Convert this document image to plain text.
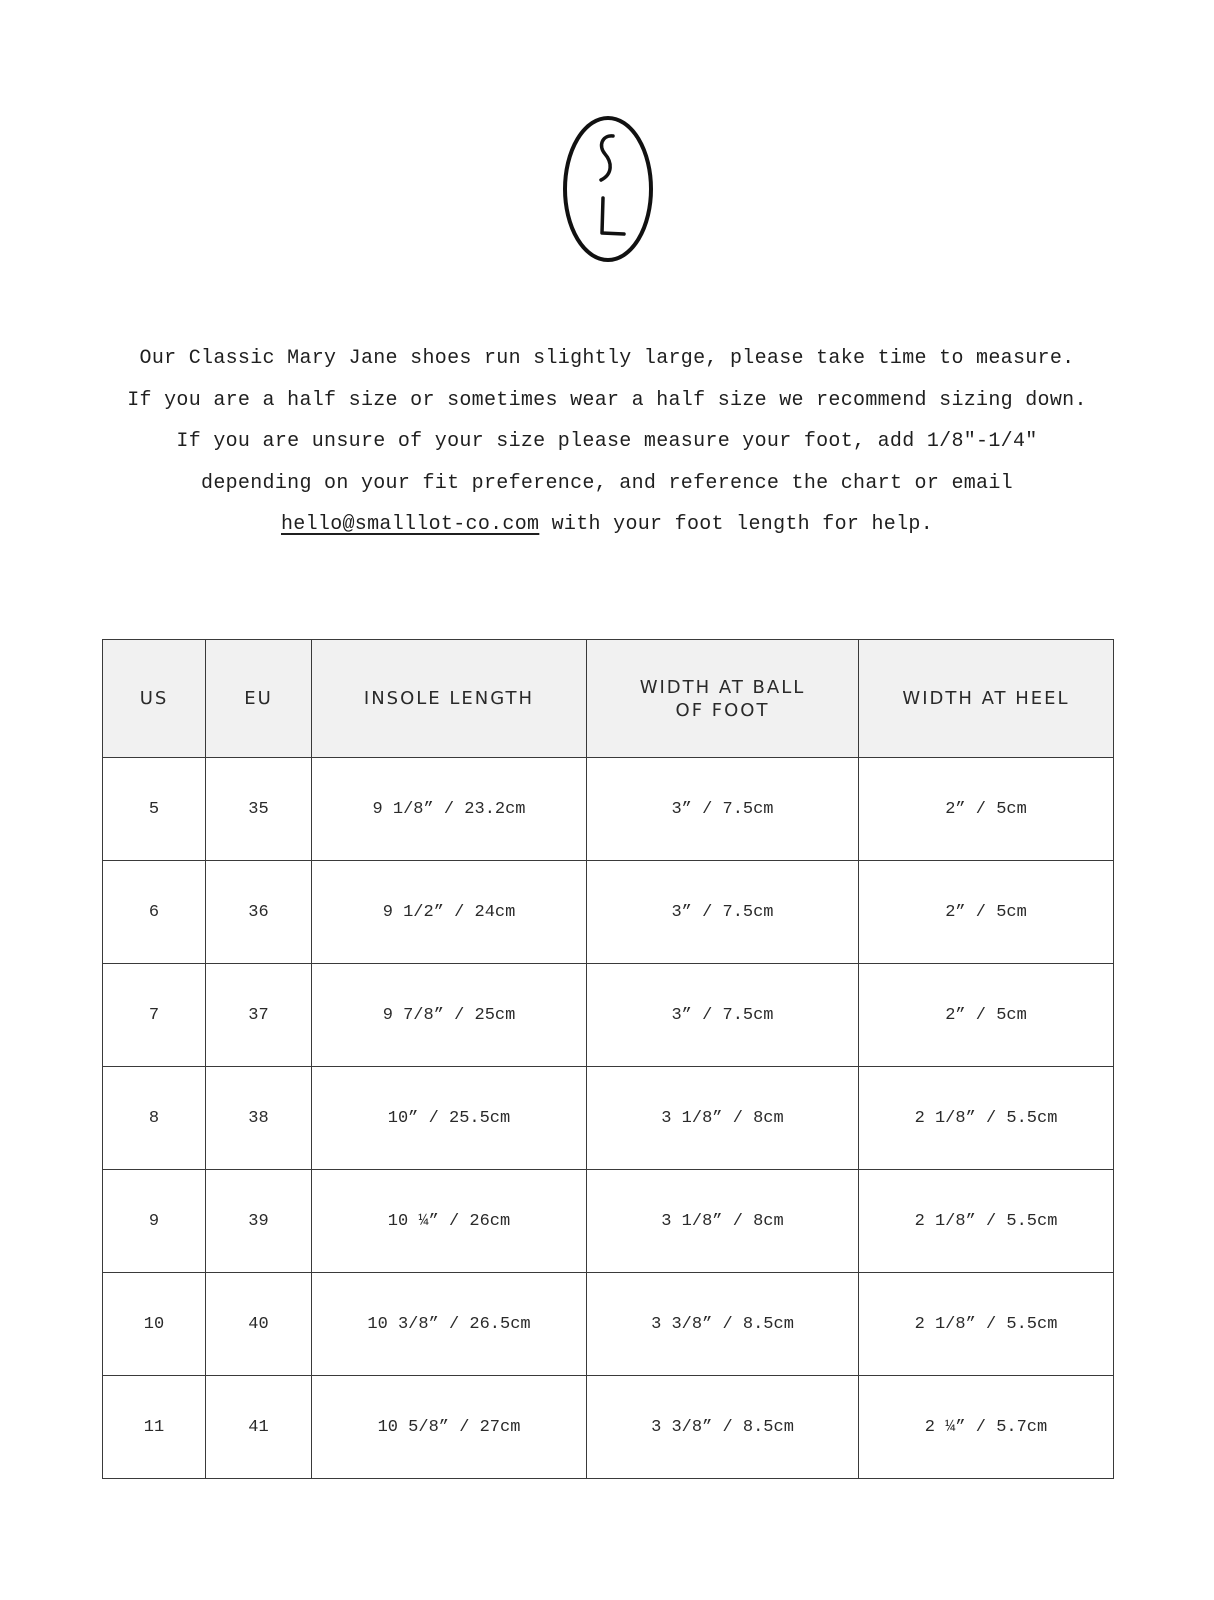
Our Classic Mary Jane shoes run slightly large, please take time to measure.

If you are a half size or sometimes wear a half size we recommend sizing down.

If you are unsure of your size please measure your foot, add 1/8"-1/4"

depending on your fit preference, and reference the chart or email

hello@smalllot-co.com with your foot length for help.

US	EU	INSOLE LENGTH	WIDTH AT BALL OF FOOT	WIDTH AT HEEL
5	35	9 1/8” / 23.2cm	3” / 7.5cm	2” / 5cm
6	36	9 1/2” / 24cm	3” / 7.5cm	2” / 5cm
7	37	9 7/8” / 25cm	3” / 7.5cm	2” / 5cm
8	38	10” / 25.5cm	3 1/8” / 8cm	2 1/8” / 5.5cm
9	39	10 ¼” / 26cm	3 1/8” / 8cm	2 1/8” / 5.5cm
10	40	10 3/8” / 26.5cm	3 3/8” / 8.5cm	2 1/8” / 5.5cm
11	41	10 5/8” / 27cm	3 3/8” / 8.5cm	2 ¼” / 5.7cm
